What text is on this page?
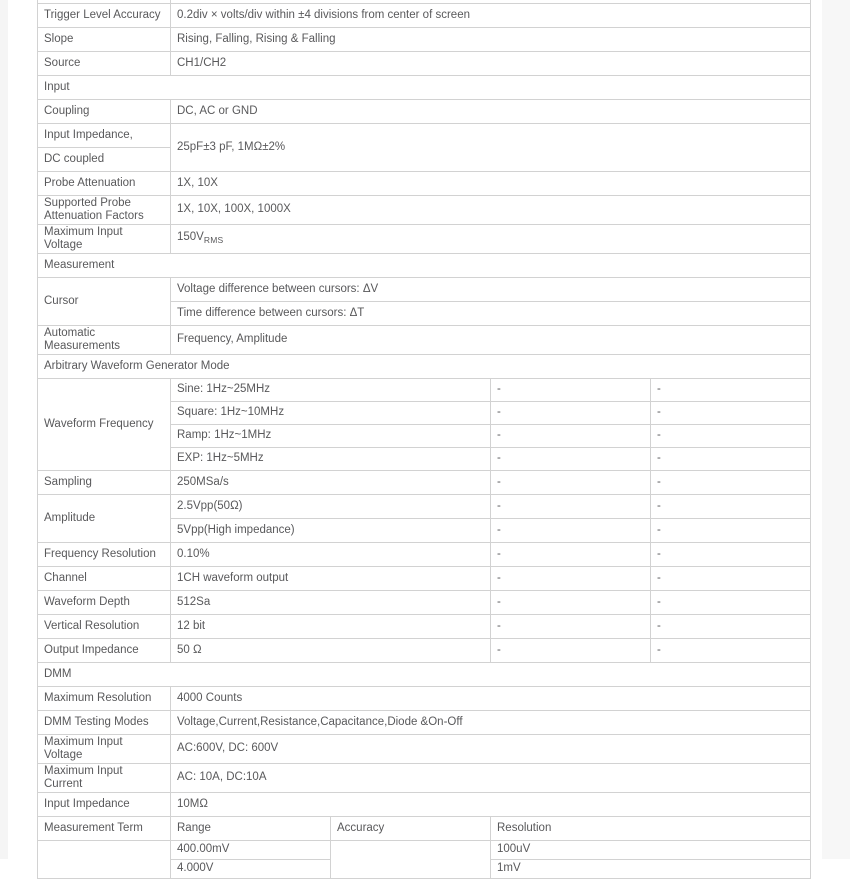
Trigger Level Accuracy	0.2div × volts/div within ±4 divisions from center of screen			
Slope	Rising, Falling, Rising & Falling			
Source	CH1/CH2			
Input				
Coupling	DC, AC or GND			
Input Impedance,	25pF±3 pF, 1MΩ±2%			
DC coupled				
Probe Attenuation	1X, 10X			
Supported Probe Attenuation Factors	1X, 10X, 100X, 1000X			
Maximum Input Voltage	$150V_{RMS}$
Measurement				
Cursor	Voltage difference between cursors: ΔV			
	Time difference between cursors: ΔT			
Automatic Measurements	Frequency, Amplitude			
Arbitrary Waveform Generator Mode				
Waveform Frequency	Sine: 1Hz~25MHz		-	-
	Square: 1Hz~10MHz		-	-
	Ramp: 1Hz~1MHz		-	-
	EXP: 1Hz~5MHz		-	-
Sampling	250MSa/s		-	-
Amplitude	2.5Vpp(50Ω)		-	-
	5Vpp(High impedance)		-	-
Frequency Resolution	0.10%		-	-
Channel	1CH waveform output		-	-
Waveform Depth	512Sa		-	-
Vertical Resolution	12 bit		-	-
Output Impedance	50 Ω		-	-
DMM				
Maximum Resolution	4000 Counts			
DMM Testing Modes	Voltage,Current,Resistance,Capacitance,Diode &On-Off			
Maximum Input Voltage	AC:600V, DC: 600V			
Maximum Input Current	AC: 10A, DC:10A			
Input Impedance	10MΩ			
Measurement Term	Range	Accuracy	Resolution	
	400.00mV		100uV	
	4.000V		1mV	
